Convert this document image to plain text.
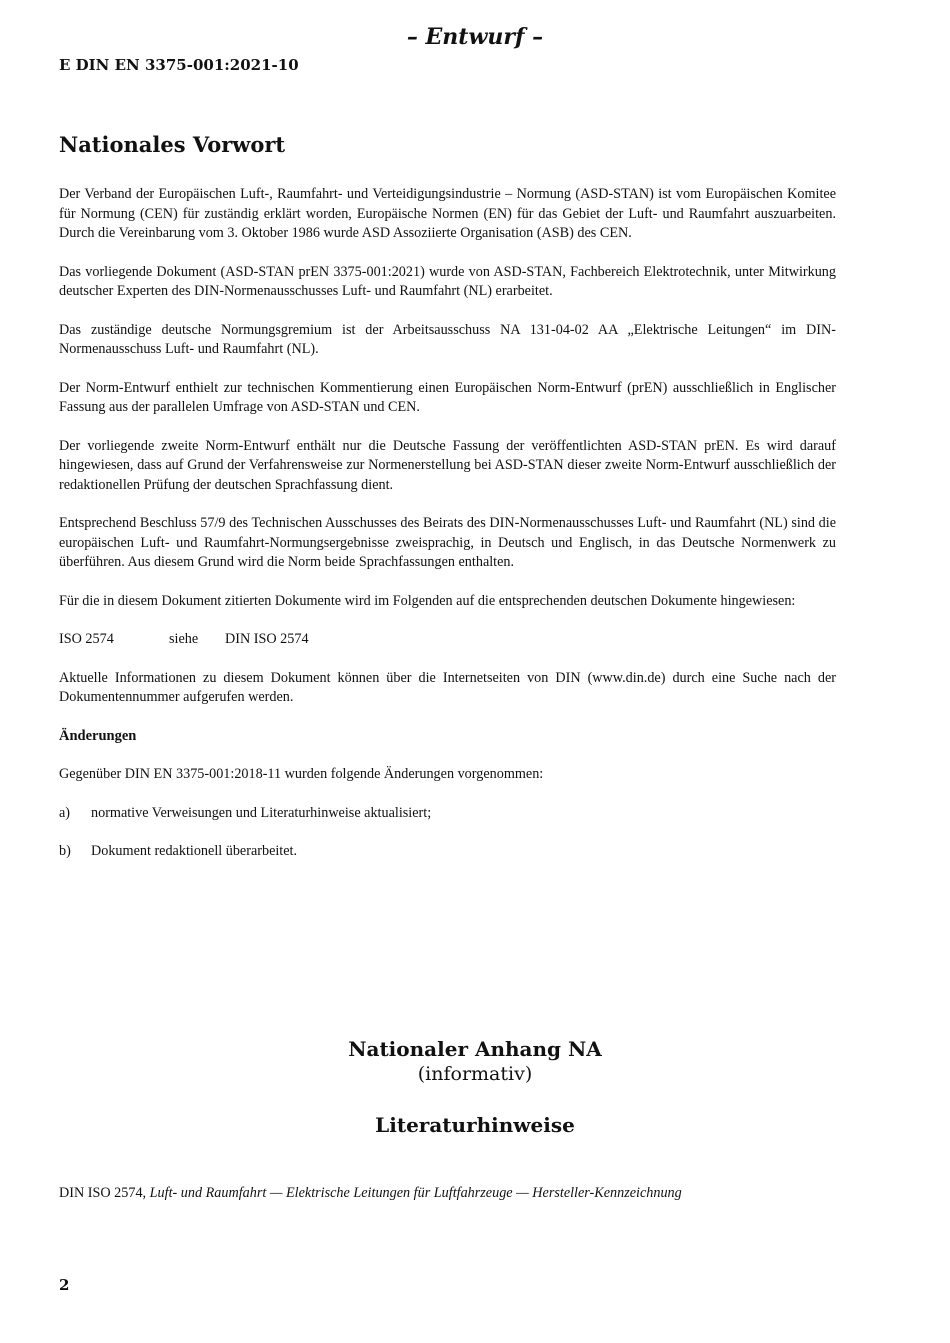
– Entwurf –
E DIN EN 3375-001:2021-10
Nationales Vorwort

Der Verband der Europäischen Luft-, Raumfahrt- und Verteidigungsindustrie – Normung (ASD-STAN) ist vom Europäischen Komitee für Normung (CEN) für zuständig erklärt worden, Europäische Normen (EN) für das Gebiet der Luft- und Raumfahrt auszuarbeiten. Durch die Vereinbarung vom 3. Oktober 1986 wurde ASD Assoziierte Organisation (ASB) des CEN.

Das vorliegende Dokument (ASD-STAN prEN 3375-001:2021) wurde von ASD-STAN, Fachbereich Elektrotechnik, unter Mitwirkung deutscher Experten des DIN-Normenausschusses Luft- und Raumfahrt (NL) erarbeitet.

Das zuständige deutsche Normungsgremium ist der Arbeitsausschuss NA 131-04-02 AA „Elektrische Leitungen“ im DIN-Normenausschuss Luft- und Raumfahrt (NL).

Der Norm-Entwurf enthielt zur technischen Kommentierung einen Europäischen Norm-Entwurf (prEN) ausschließlich in Englischer Fassung aus der parallelen Umfrage von ASD-STAN und CEN.

Der vorliegende zweite Norm-Entwurf enthält nur die Deutsche Fassung der veröffentlichten ASD-STAN prEN. Es wird darauf hingewiesen, dass auf Grund der Verfahrensweise zur Normenerstellung bei ASD-STAN dieser zweite Norm-Entwurf ausschließlich der redaktionellen Prüfung der deutschen Sprachfassung dient.

Entsprechend Beschluss 57/9 des Technischen Ausschusses des Beirats des DIN-Normenausschusses Luft- und Raumfahrt (NL) sind die europäischen Luft- und Raumfahrt-Normungsergebnisse zweisprachig, in Deutsch und Englisch, in das Deutsche Normenwerk zu überführen. Aus diesem Grund wird die Norm beide Sprachfassungen enthalten.

Für die in diesem Dokument zitierten Dokumente wird im Folgenden auf die entsprechenden deutschen Dokumente hingewiesen:

ISO 2574	siehe	DIN ISO 2574

Aktuelle Informationen zu diesem Dokument können über die Internetseiten von DIN (www.din.de) durch eine Suche nach der Dokumentennummer aufgerufen werden.

Änderungen

Gegenüber DIN EN 3375-001:2018-11 wurden folgende Änderungen vorgenommen:

a)	normative Verweisungen und Literaturhinweise aktualisiert;
b)	Dokument redaktionell überarbeitet.
Nationaler Anhang NA
(informativ)
Literaturhinweise
DIN ISO 2574, Luft- und Raumfahrt — Elektrische Leitungen für Luftfahrzeuge — Hersteller-Kennzeichnung
2
